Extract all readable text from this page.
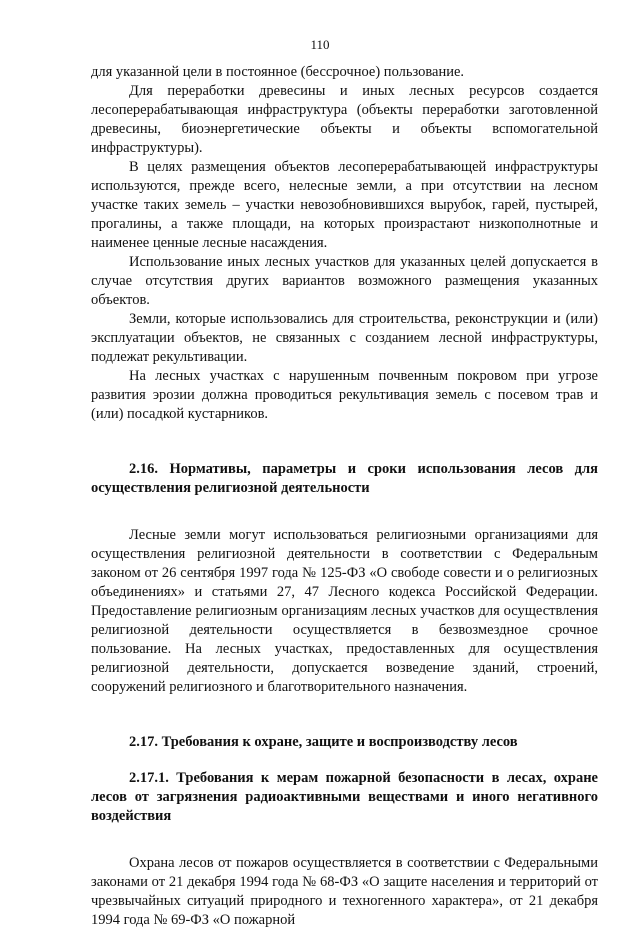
110

для указанной цели в постоянное (бессрочное) пользование.

Для переработки древесины и иных лесных ресурсов создается лесоперерабатывающая инфраструктура (объекты переработки заготовленной древесины, биоэнергетические объекты и объекты вспомогательной инфраструктуры).

В целях размещения объектов лесоперерабатывающей инфраструктуры используются, прежде всего, нелесные земли, а при отсутствии на лесном участке таких земель – участки невозобновившихся вырубок, гарей, пустырей, прогалины, а также площади, на которых произрастают низкополнотные и наименее ценные лесные насаждения.

Использование иных лесных участков для указанных целей допускается в случае отсутствия других вариантов возможного размещения указанных объектов.

Земли, которые использовались для строительства, реконструкции и (или) эксплуатации объектов, не связанных с созданием лесной инфраструктуры, подлежат рекультивации.

На лесных участках с нарушенным почвенным покровом при угрозе развития эрозии должна проводиться рекультивация земель с посевом трав и (или) посадкой кустарников.

2.16. Нормативы, параметры и сроки использования лесов для осуществления религиозной деятельности

Лесные земли могут использоваться религиозными организациями для осуществления религиозной деятельности в соответствии с Федеральным законом от 26 сентября 1997 года № 125-ФЗ «О свободе совести и о религиозных объединениях» и статьями 27, 47 Лесного кодекса Российской Федерации. Предоставление религиозным организациям лесных участков для осуществления религиозной деятельности осуществляется в безвозмездное срочное пользование. На лесных участках, предоставленных для осуществления религиозной деятельности, допускается возведение зданий, строений, сооружений религиозного и благотворительного назначения.

2.17. Требования к охране, защите и воспроизводству лесов
2.17.1. Требования к мерам пожарной безопасности в лесах, охране лесов от загрязнения радиоактивными веществами и иного негативного воздействия

Охрана лесов от пожаров осуществляется в соответствии с Федеральными законами от 21 декабря 1994 года № 68-ФЗ «О защите населения и территорий от чрезвычайных ситуаций природного и техногенного характера», от 21 декабря 1994 года № 69-ФЗ «О пожарной
